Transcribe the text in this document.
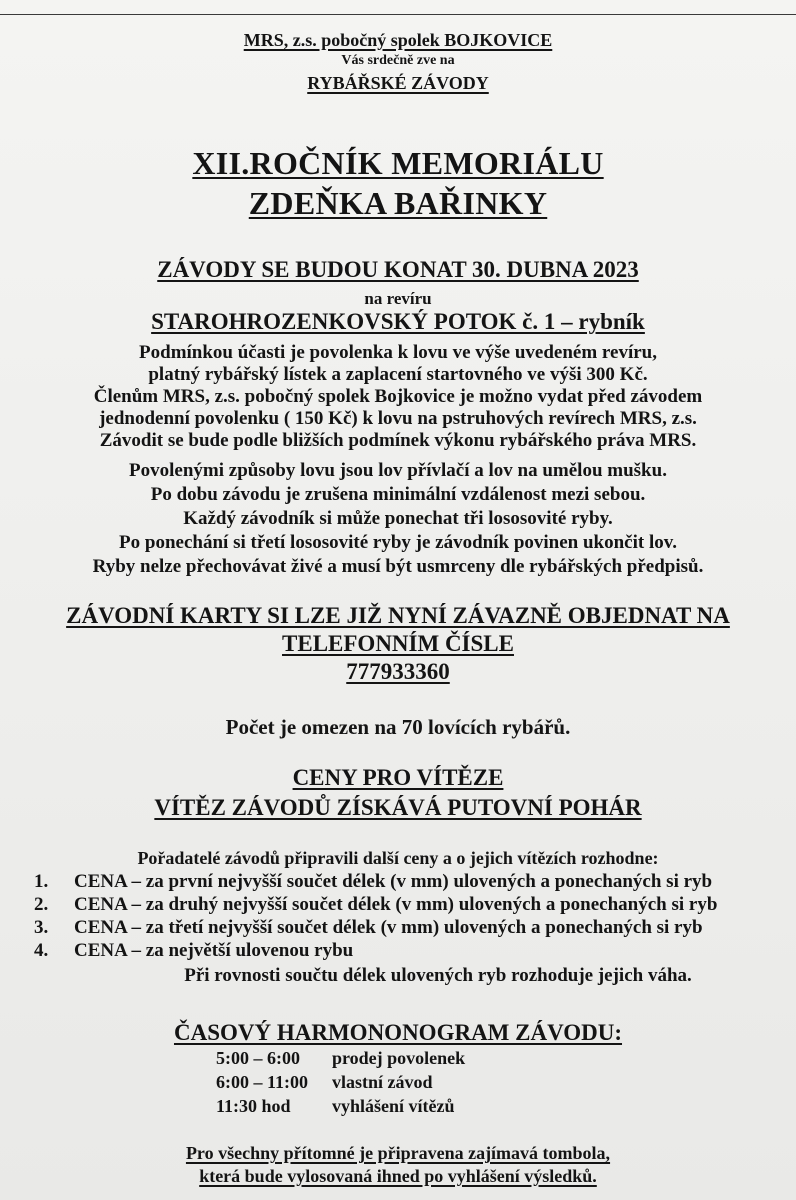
MRS, z.s. pobočný spolek BOJKOVICE
Vás srdečně zve na
RYBÁŘSKÉ ZÁVODY
XII.ROČNÍK MEMORIÁLU
ZDEŇKA BAŘINKY
ZÁVODY SE BUDOU KONAT 30. DUBNA 2023
na revíru
STAROHROZENKOVSKÝ POTOK č. 1 – rybník
Podmínkou účasti je povolenka k lovu ve výše uvedeném revíru,
platný rybářský lístek a zaplacení startovného ve výši 300 Kč.
Členům MRS, z.s. pobočný spolek Bojkovice je možno vydat před závodem
jednodenní povolenku ( 150 Kč) k lovu na pstruhových revírech MRS, z.s.
Závodit se bude podle bližších podmínek výkonu rybářského práva MRS.
Povolenými způsoby lovu jsou lov přívlačí a lov na umělou mušku.
Po dobu závodu je zrušena minimální vzdálenost mezi sebou.
Každý závodník si může ponechat tři lososovité ryby.
Po ponechání si třetí lososovité ryby je závodník povinen ukončit lov.
Ryby nelze přechovávat živé a musí být usmrceny dle rybářských předpisů.
ZÁVODNÍ KARTY SI LZE JIŽ NYNÍ ZÁVAZNĚ OBJEDNAT NA
TELEFONNÍM ČÍSLE
777933360
Počet je omezen na 70 lovících rybářů.
CENY PRO VÍTĚZE
VÍTĚZ ZÁVODŮ ZÍSKÁVÁ PUTOVNÍ POHÁR
Pořadatelé závodů připravili další ceny a o jejich vítězích rozhodne:
1. CENA – za první nejvyšší součet délek (v mm) ulovených a ponechaných si ryb
2. CENA – za druhý nejvyšší součet délek (v mm) ulovených a ponechaných si ryb
3. CENA – za třetí nejvyšší součet délek (v mm) ulovených a ponechaných si ryb
4. CENA – za největší ulovenou rybu
Při rovnosti součtu délek ulovených ryb rozhoduje jejich váha.
ČASOVÝ HARMONONOGRAM ZÁVODU:
5:00 – 6:00 prodej povolenek
6:00 – 11:00 vlastní závod
11:30 hod vyhlášení vítězů
Pro všechny přítomné je připravena zajímavá tombola,
která bude vylosovaná ihned po vyhlášení výsledků.
